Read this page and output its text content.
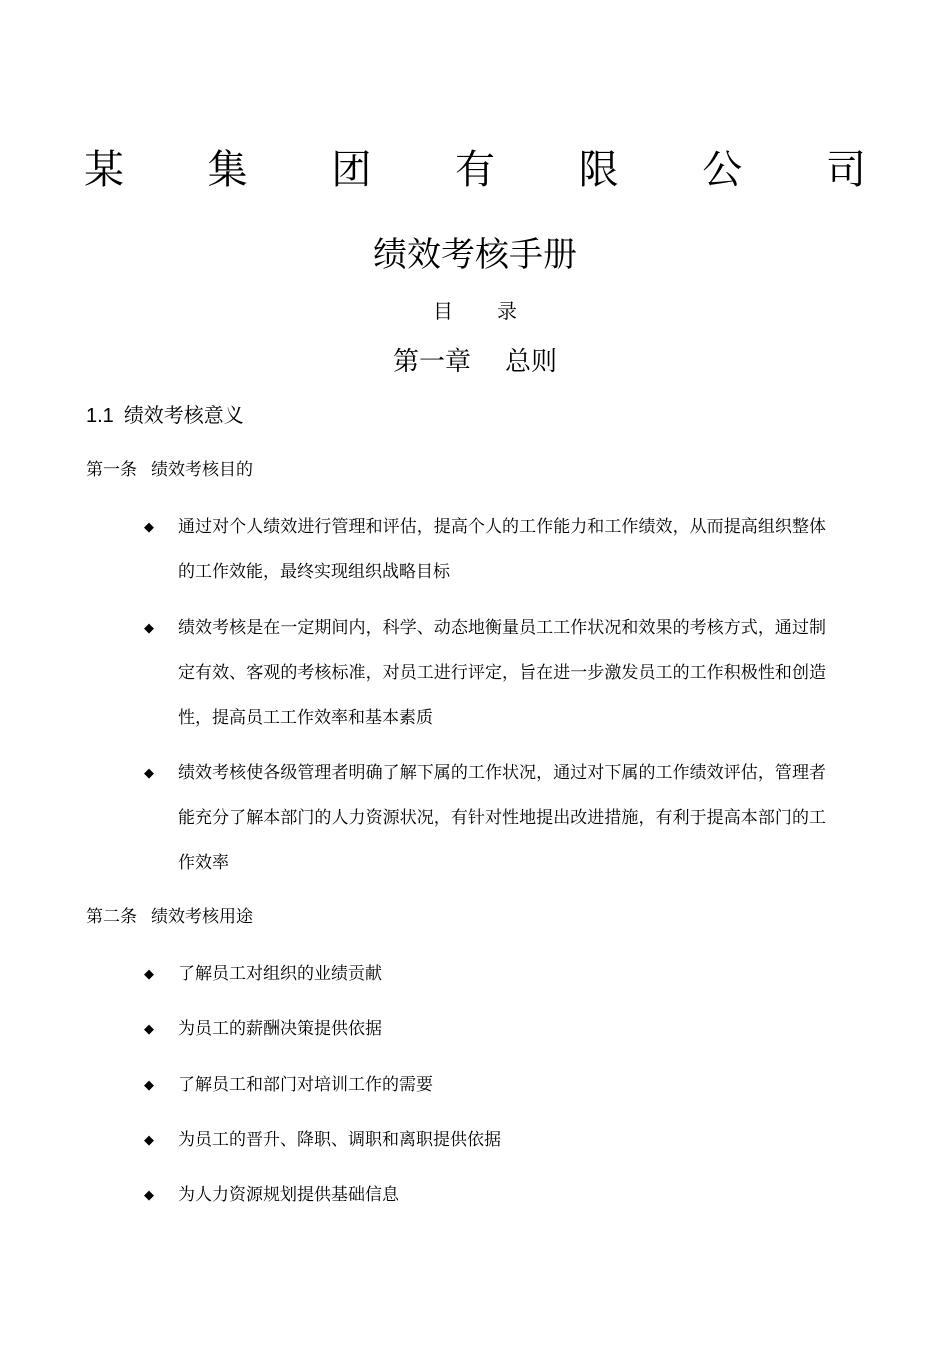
某 集 团 有 限 公 司
绩效考核手册
目 录
第一章 总则
1.1 绩效考核意义
第一条 绩效考核目的
◆ 通过对个人绩效进行管理和评估，提高个人的工作能力和工作绩效，从而提高组织整体的工作效能，最终实现组织战略目标
◆ 绩效考核是在一定期间内，科学、动态地衡量员工工作状况和效果的考核方式，通过制定有效、客观的考核标准，对员工进行评定，旨在进一步激发员工的工作积极性和创造性，提高员工工作效率和基本素质
◆ 绩效考核使各级管理者明确了解下属的工作状况，通过对下属的工作绩效评估，管理者能充分了解本部门的人力资源状况，有针对性地提出改进措施，有利于提高本部门的工作效率
第二条 绩效考核用途
◆ 了解员工对组织的业绩贡献
◆ 为员工的薪酬决策提供依据
◆ 了解员工和部门对培训工作的需要
◆ 为员工的晋升、降职、调职和离职提供依据
◆ 为人力资源规划提供基础信息
